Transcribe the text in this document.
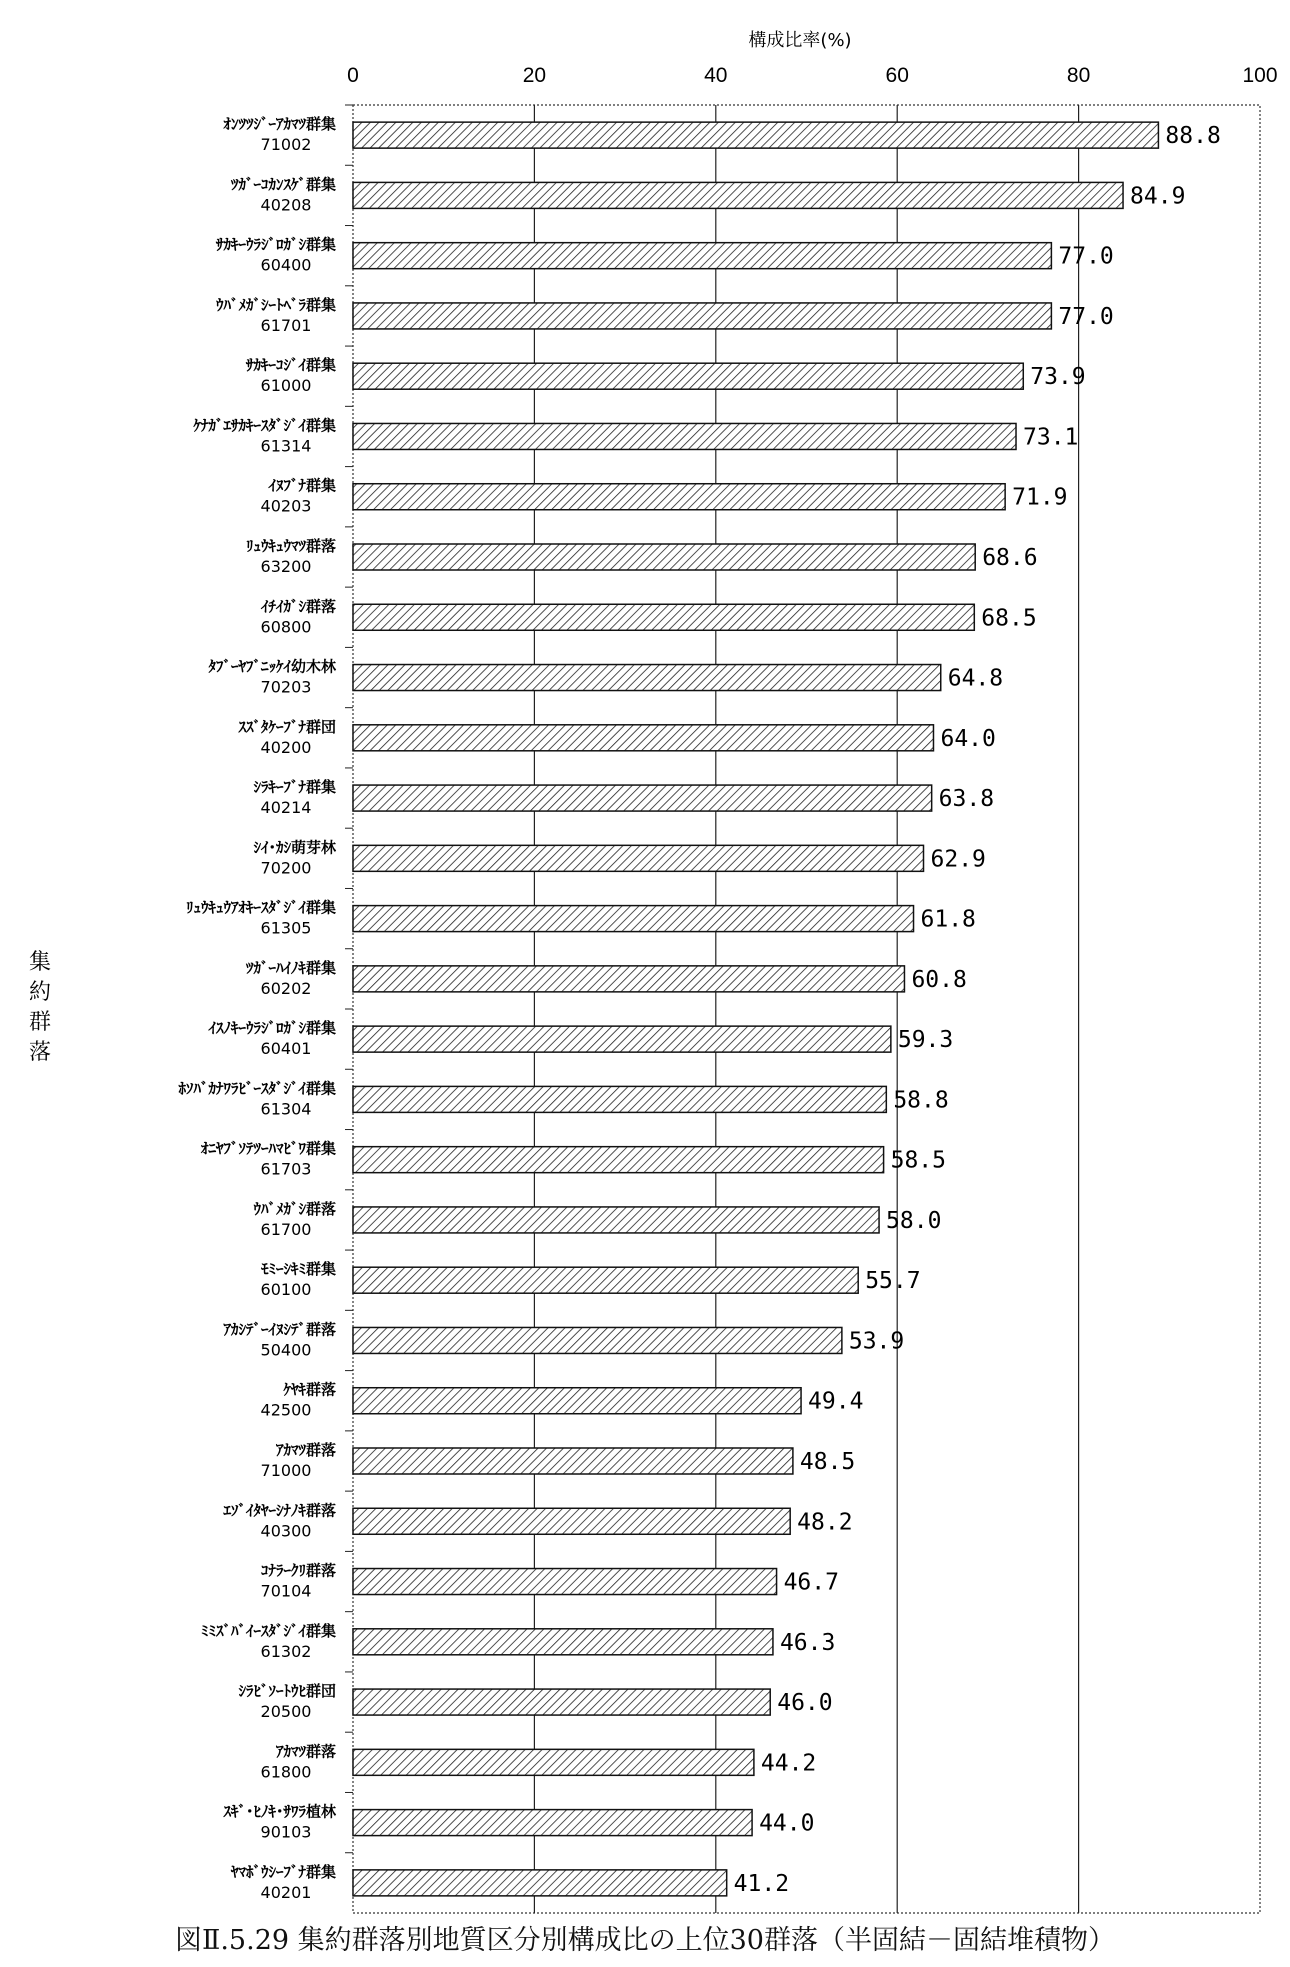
構成比率(%)
0	20	40	60	80	100
88.8
84.9
77.0
77.0
73.9
73.1
71.9
68.6
68.5
64.8
64.0
63.8
62.9
61.8
60.8
59.3
58.8
58.5
58.0
55.7
53.9
49.4
48.5
48.2
46.7
46.3
46.0
44.2
44.0
41.2
ｵﾝﾂﾂｼﾞｰｱｶﾏﾂ群集
71002
ﾂｶﾞｰｺｶﾝｽｹﾞ群集
40208
ｻｶｷｰｳﾗｼﾞﾛｶﾞｼ群集
60400
ｳﾊﾞﾒｶﾞｼｰﾄﾍﾞﾗ群集
61701
ｻｶｷｰｺｼﾞｲ群集
61000
ｹﾅｶﾞｴｻｶｷｰｽﾀﾞｼﾞｲ群集
61314
ｲﾇﾌﾞﾅ群集
40203
ﾘｭｳｷｭｳﾏﾂ群落
63200
ｲﾁｲｶﾞｼ群落
60800
ﾀﾌﾞｰﾔﾌﾞﾆｯｹｲ幼木林
70203
ｽｽﾞﾀｹｰﾌﾞﾅ群団
40200
ｼﾗｷｰﾌﾞﾅ群集
40214
ｼｲ･ｶｼ萌芽林
70200
ﾘｭｳｷｭｳｱｵｷｰｽﾀﾞｼﾞｲ群集
61305
ﾂｶﾞｰﾊｲﾉｷ群集
60202
ｲｽﾉｷｰｳﾗｼﾞﾛｶﾞｼ群集
60401
ﾎｿﾊﾞｶﾅﾜﾗﾋﾞｰｽﾀﾞｼﾞｲ群集
61304
ｵﾆﾔﾌﾞｿﾃﾂｰﾊﾏﾋﾞﾜ群集
61703
ｳﾊﾞﾒｶﾞｼ群落
61700
ﾓﾐｰｼｷﾐ群集
60100
ｱｶｼﾃﾞｰｲﾇｼﾃﾞ群落
50400
ｹﾔｷ群落
42500
ｱｶﾏﾂ群落
71000
ｴｿﾞｲﾀﾔｰｼﾅﾉｷ群落
40300
ｺﾅﾗｰｸﾘ群落
70104
ﾐﾐｽﾞﾊﾞｲｰｽﾀﾞｼﾞｲ群集
61302
ｼﾗﾋﾞｿｰﾄｳﾋ群団
20500
ｱｶﾏﾂ群落
61800
ｽｷﾞ･ﾋﾉｷ･ｻﾜﾗ植林
90103
ﾔﾏﾎﾞｳｼｰﾌﾞﾅ群集
40201
集
約
群
落
図Ⅱ.5.29 集約群落別地質区分別構成比の上位30群落（半固結－固結堆積物）
